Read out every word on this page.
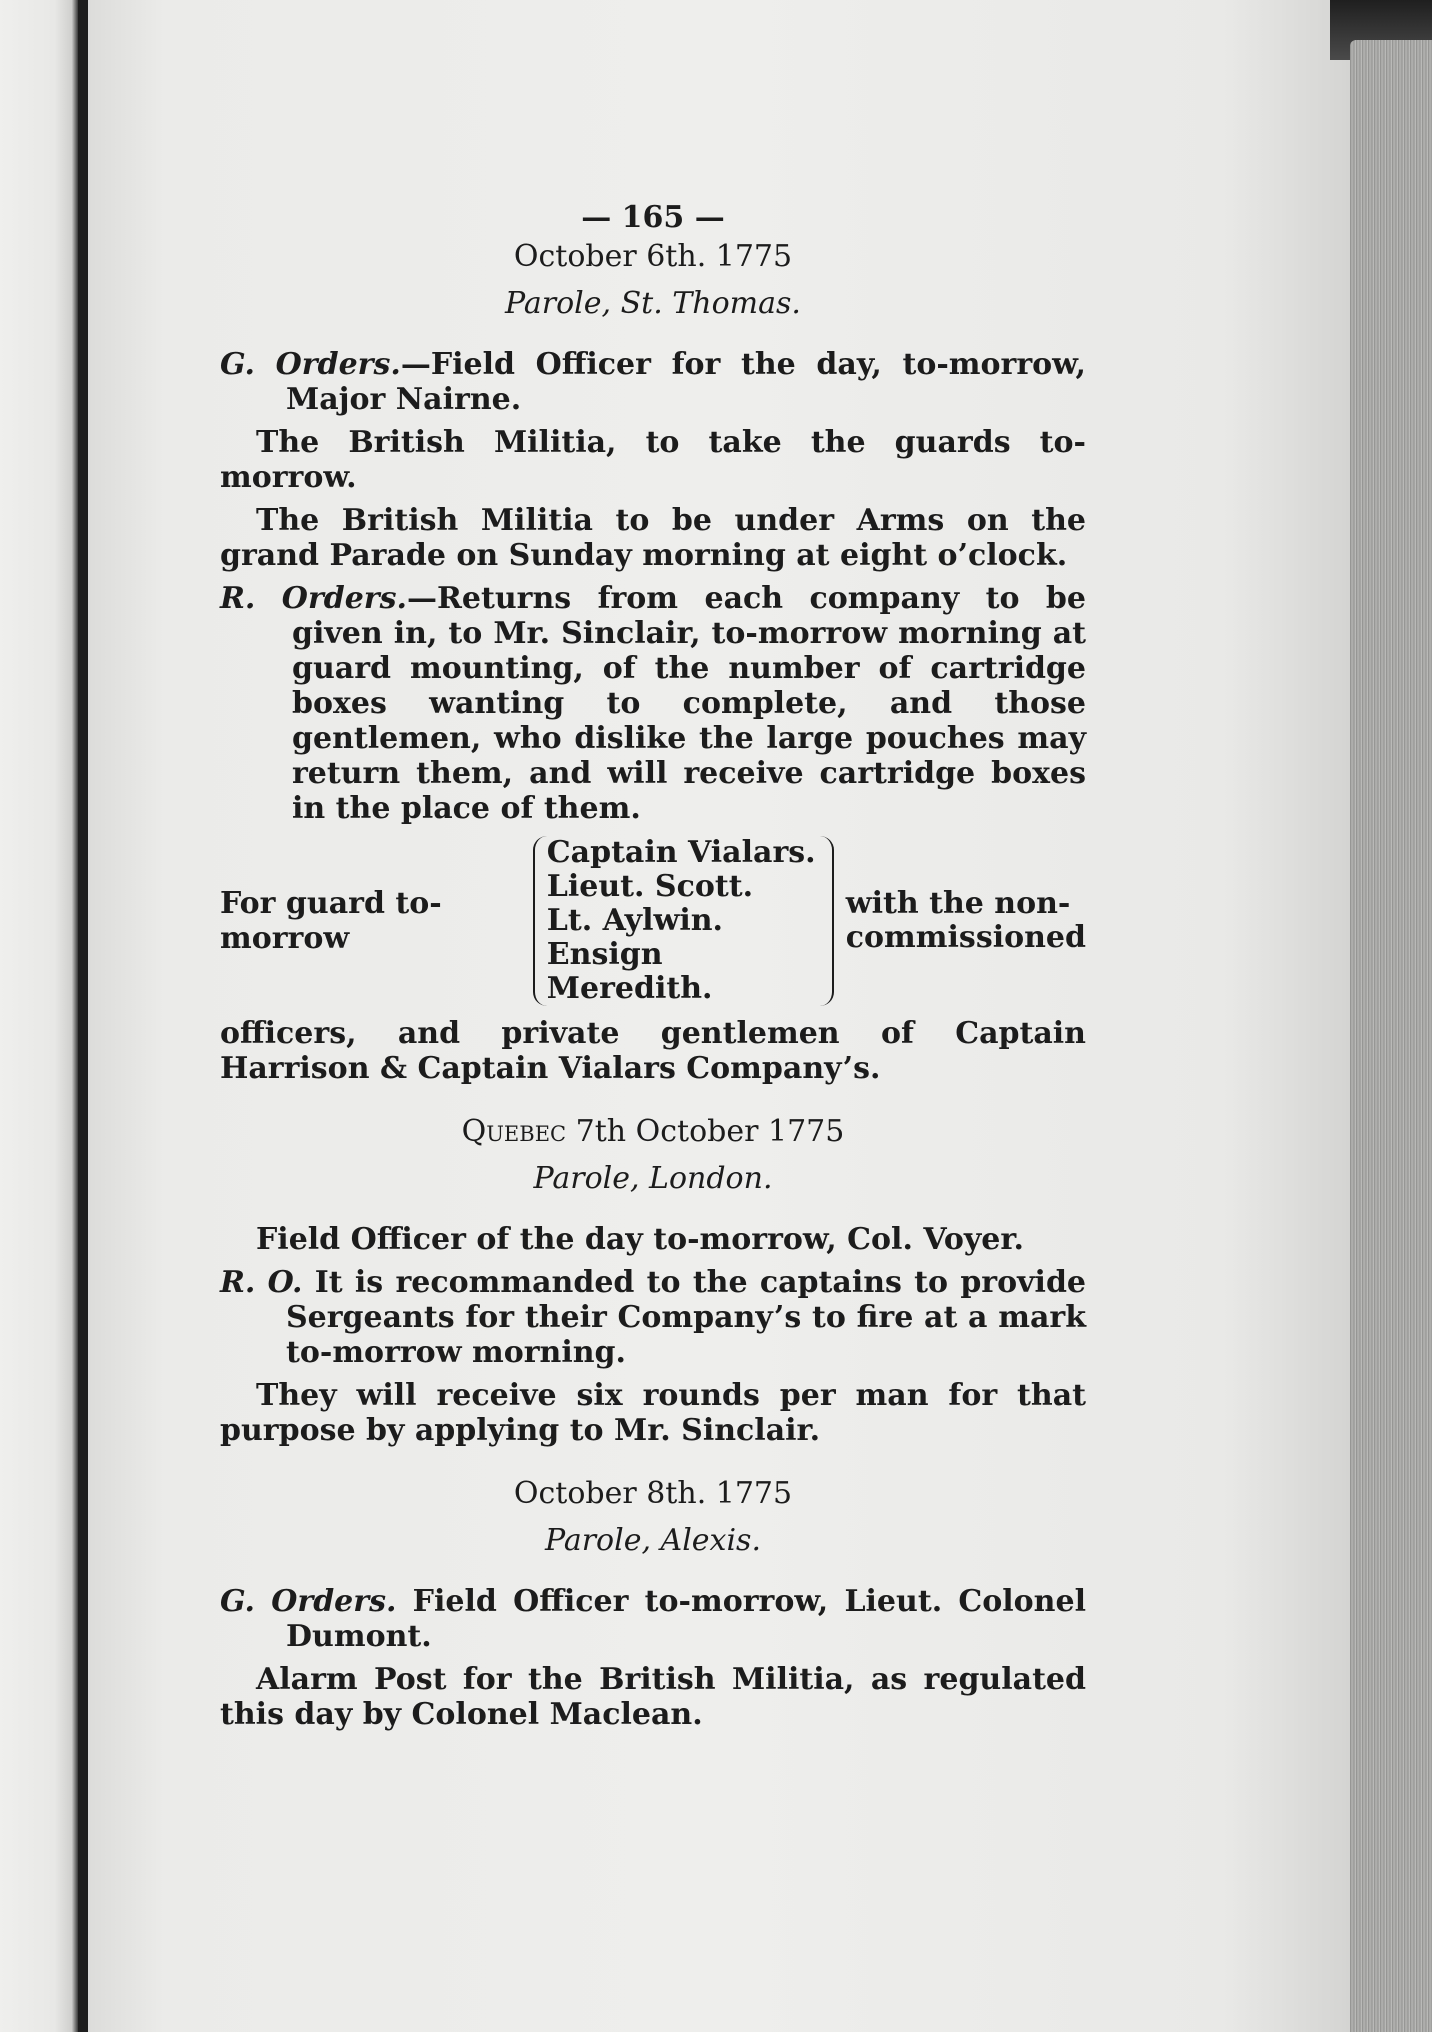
— 165 —
October 6th. 1775
Parole, St. Thomas.
G. Orders.—Field Officer for the day, to-morrow, Major Nairne.
The British Militia, to take the guards to-morrow.
The British Militia to be under Arms on the grand Parade on Sunday morning at eight o’clock.
R. Orders.—Returns from each company to be given in, to Mr. Sinclair, to-morrow morning at guard mounting, of the number of cartridge boxes wanting to complete, and those gentlemen, who dislike the large pouches may return them, and will receive cartridge boxes in the place of them.
For guard to-morrow
Captain Vialars.
Lieut. Scott.
Lt. Aylwin.
Ensign Meredith.
with the non-
commissioned
officers, and private gentlemen of Captain Harrison & Captain Vialars Company’s.
Quebec 7th October 1775
Parole, London.
Field Officer of the day to-morrow, Col. Voyer.
R. O. It is recommanded to the captains to provide Sergeants for their Company’s to fire at a mark to-morrow morning.
They will receive six rounds per man for that purpose by applying to Mr. Sinclair.
October 8th. 1775
Parole, Alexis.
G. Orders. Field Officer to-morrow, Lieut. Colonel Dumont.
Alarm Post for the British Militia, as regulated this day by Colonel Maclean.
